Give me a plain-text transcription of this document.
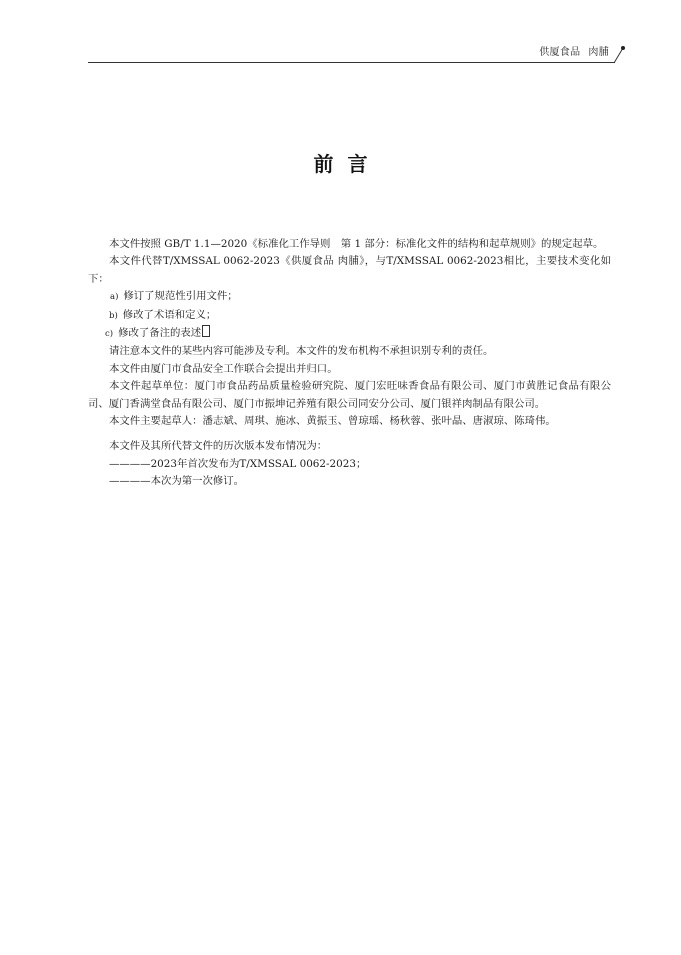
供厦食品 肉脯
前言

本文件按照 GB/T 1.1—2020《标准化工作导则　第 1 部分：标准化文件的结构和起草规则》的规定起草。

本文件代替T/XMSSAL 0062-2023《供厦食品 肉脯》，与T/XMSSAL 0062-2023相比，主要技术变化如下：

a) 修订了规范性引用文件；

b) 修改了术语和定义；

c) 修改了备注的表述

请注意本文件的某些内容可能涉及专利。本文件的发布机构不承担识别专利的责任。

本文件由厦门市食品安全工作联合会提出并归口。

本文件起草单位：厦门市食品药品质量检验研究院、厦门宏旺味香食品有限公司、厦门市黄胜记食品有限公司、厦门香满堂食品有限公司、厦门市振坤记养殖有限公司同安分公司、厦门银祥肉制品有限公司。

本文件主要起草人：潘志斌、周琪、施冰、黄振玉、曾琼瑶、杨秋蓉、张叶晶、唐淑琼、陈琦伟。

本文件及其所代替文件的历次版本发布情况为：

————2023年首次发布为T/XMSSAL 0062-2023；

————本次为第一次修订。
